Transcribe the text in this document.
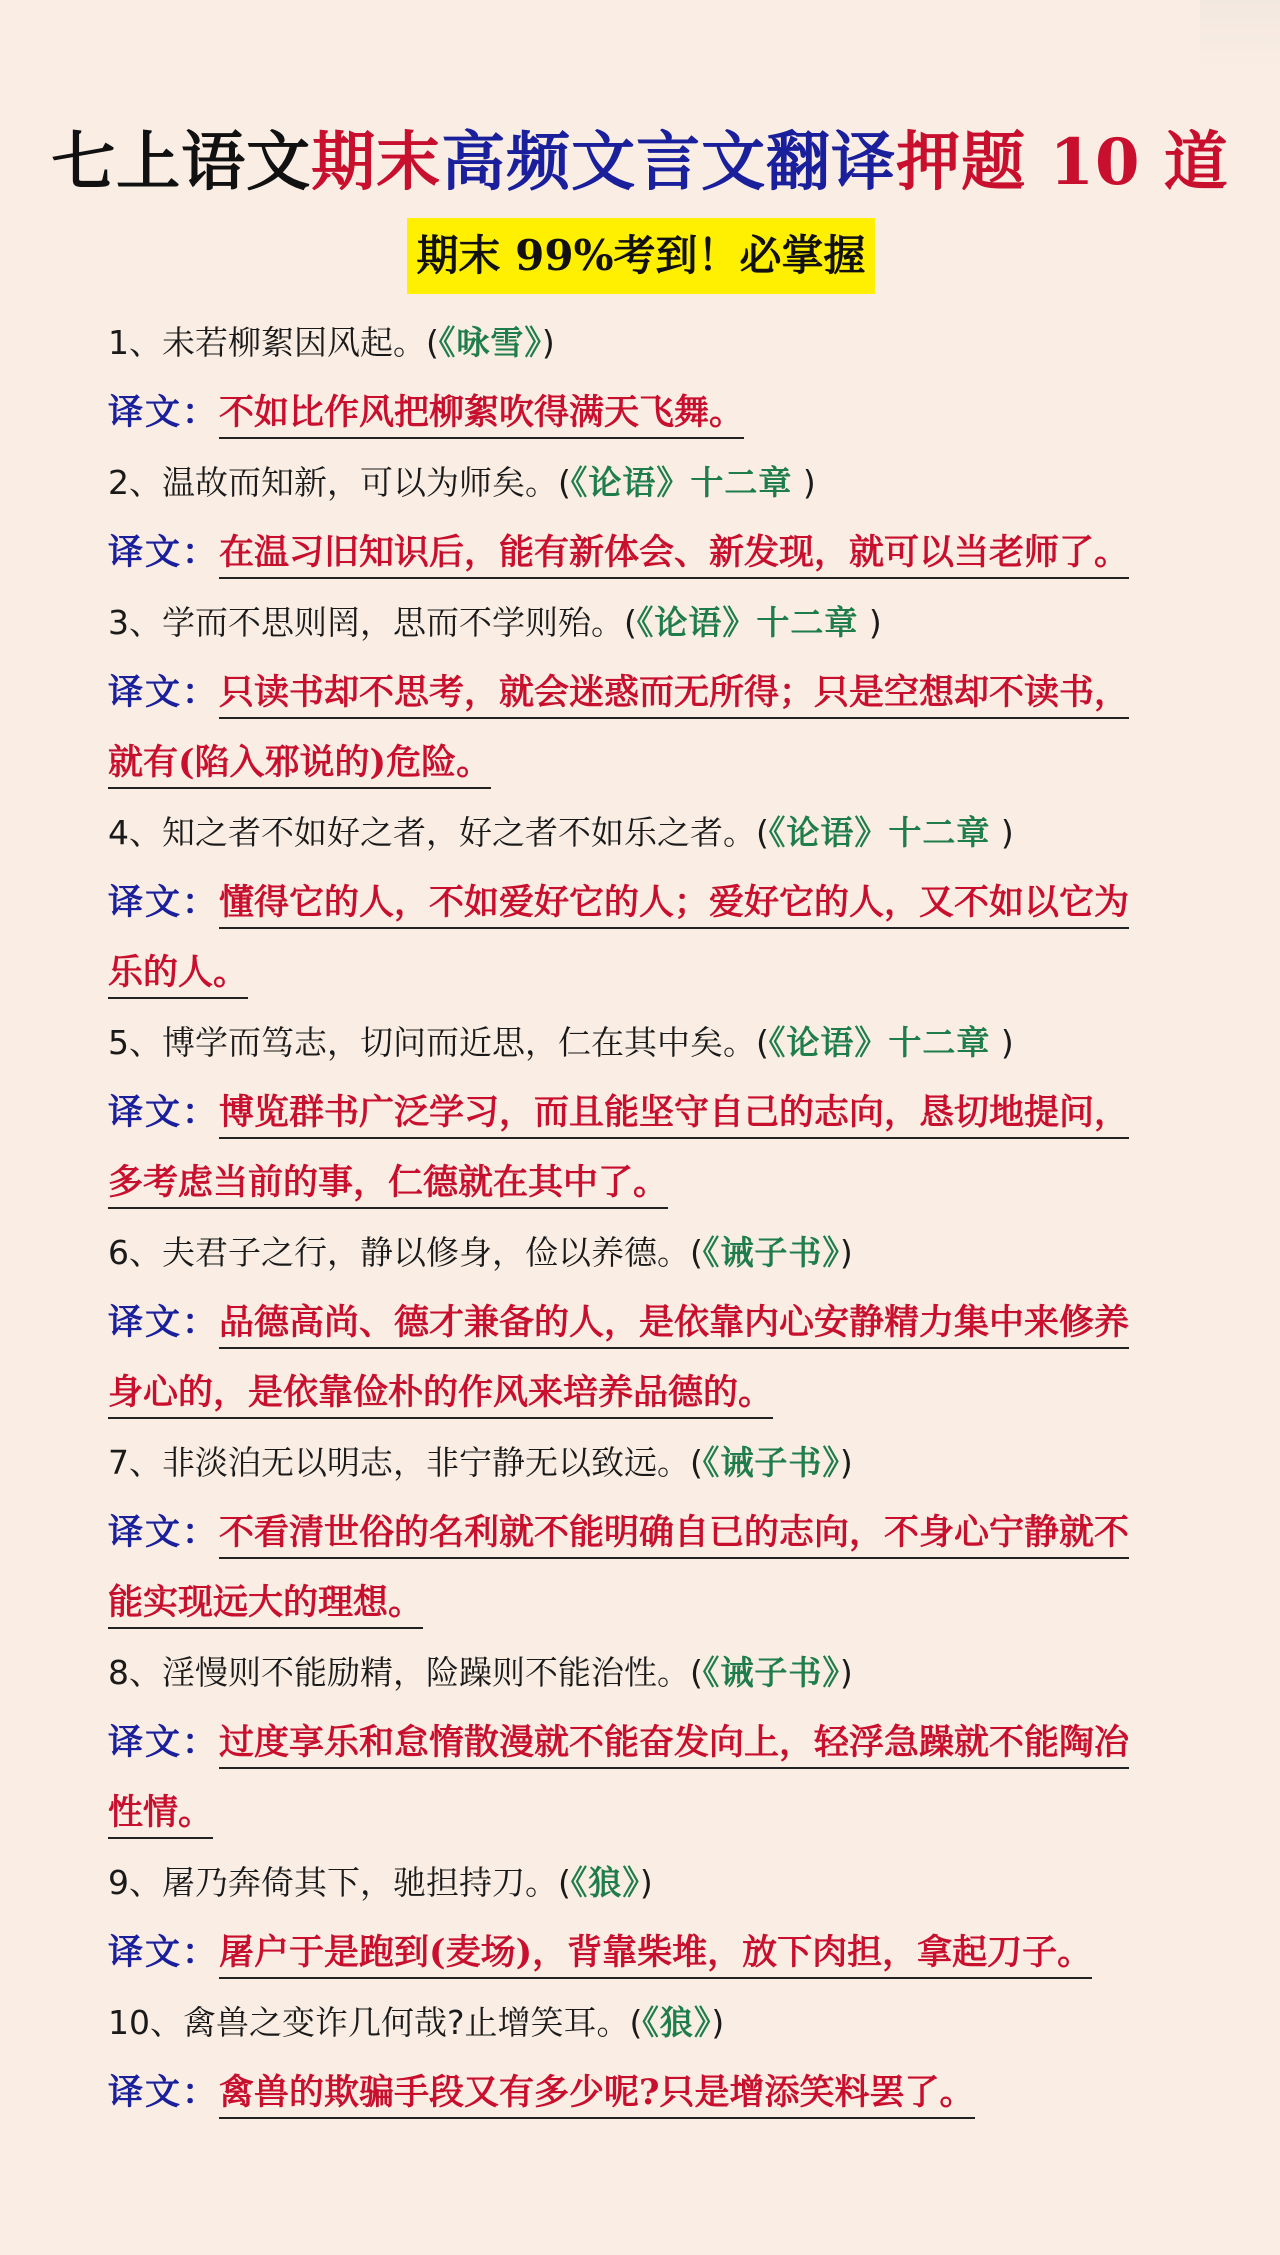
七上语文期末高频文言文翻译押题 10 道
期末 99%考到！必掌握
1、未若柳絮因风起。(《咏雪》)
译文：不如比作风把柳絮吹得满天飞舞。
2、温故而知新，可以为师矣。(《论语》十二章 )
译文：在温习旧知识后，能有新体会、新发现，就可以当老师了。
3、学而不思则罔，思而不学则殆。(《论语》十二章 )
译文：只读书却不思考，就会迷惑而无所得；只是空想却不读书，
就有(陷入邪说的)危险。
4、知之者不如好之者，好之者不如乐之者。(《论语》十二章 )
译文：懂得它的人，不如爱好它的人；爱好它的人，又不如以它为
乐的人。
5、博学而笃志，切问而近思，仁在其中矣。(《论语》十二章 )
译文：博览群书广泛学习，而且能坚守自己的志向，恳切地提问，
多考虑当前的事，仁德就在其中了。
6、夫君子之行，静以修身，俭以养德。(《诫子书》)
译文：品德高尚、德才兼备的人，是依靠内心安静精力集中来修养
身心的，是依靠俭朴的作风来培养品德的。
7、非淡泊无以明志，非宁静无以致远。(《诫子书》)
译文：不看清世俗的名利就不能明确自已的志向，不身心宁静就不
能实现远大的理想。
8、淫慢则不能励精，险躁则不能治性。(《诫子书》)
译文：过度享乐和怠惰散漫就不能奋发向上，轻浮急躁就不能陶冶
性情。
9、屠乃奔倚其下，驰担持刀。(《狼》)
译文：屠户于是跑到(麦场)，背靠柴堆，放下肉担，拿起刀子。
10、禽兽之变诈几何哉?止增笑耳。(《狼》)
译文：禽兽的欺骗手段又有多少呢?只是增添笑料罢了。
